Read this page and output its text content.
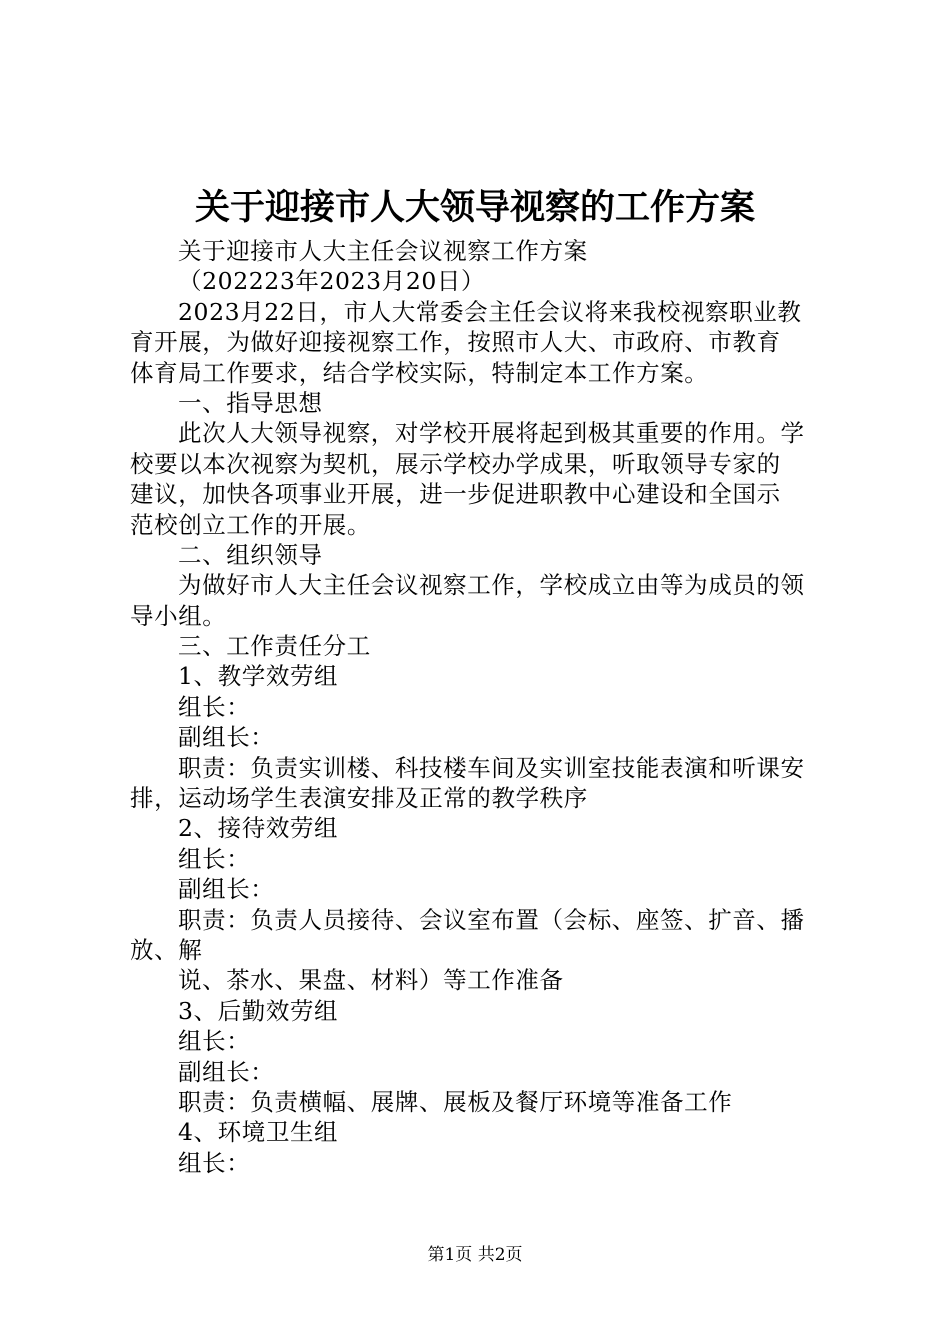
关于迎接市人大领导视察的工作方案
关于迎接市人大主任会议视察工作方案
（202223年2023月20日）
2023月22日，市人大常委会主任会议将来我校视察职业教
育开展，为做好迎接视察工作，按照市人大、市政府、市教育
体育局工作要求，结合学校实际，特制定本工作方案。
一、指导思想
此次人大领导视察，对学校开展将起到极其重要的作用。学
校要以本次视察为契机，展示学校办学成果，听取领导专家的
建议，加快各项事业开展，进一步促进职教中心建设和全国示
范校创立工作的开展。
二、组织领导
为做好市人大主任会议视察工作，学校成立由等为成员的领
导小组。
三、工作责任分工
1、教学效劳组
组长：
副组长：
职责：负责实训楼、科技楼车间及实训室技能表演和听课安
排，运动场学生表演安排及正常的教学秩序
2、接待效劳组
组长：
副组长：
职责：负责人员接待、会议室布置（会标、座签、扩音、播
放、解
说、茶水、果盘、材料）等工作准备
3、后勤效劳组
组长：
副组长：
职责：负责横幅、展牌、展板及餐厅环境等准备工作
4、环境卫生组
组长：
第1页 共2页
